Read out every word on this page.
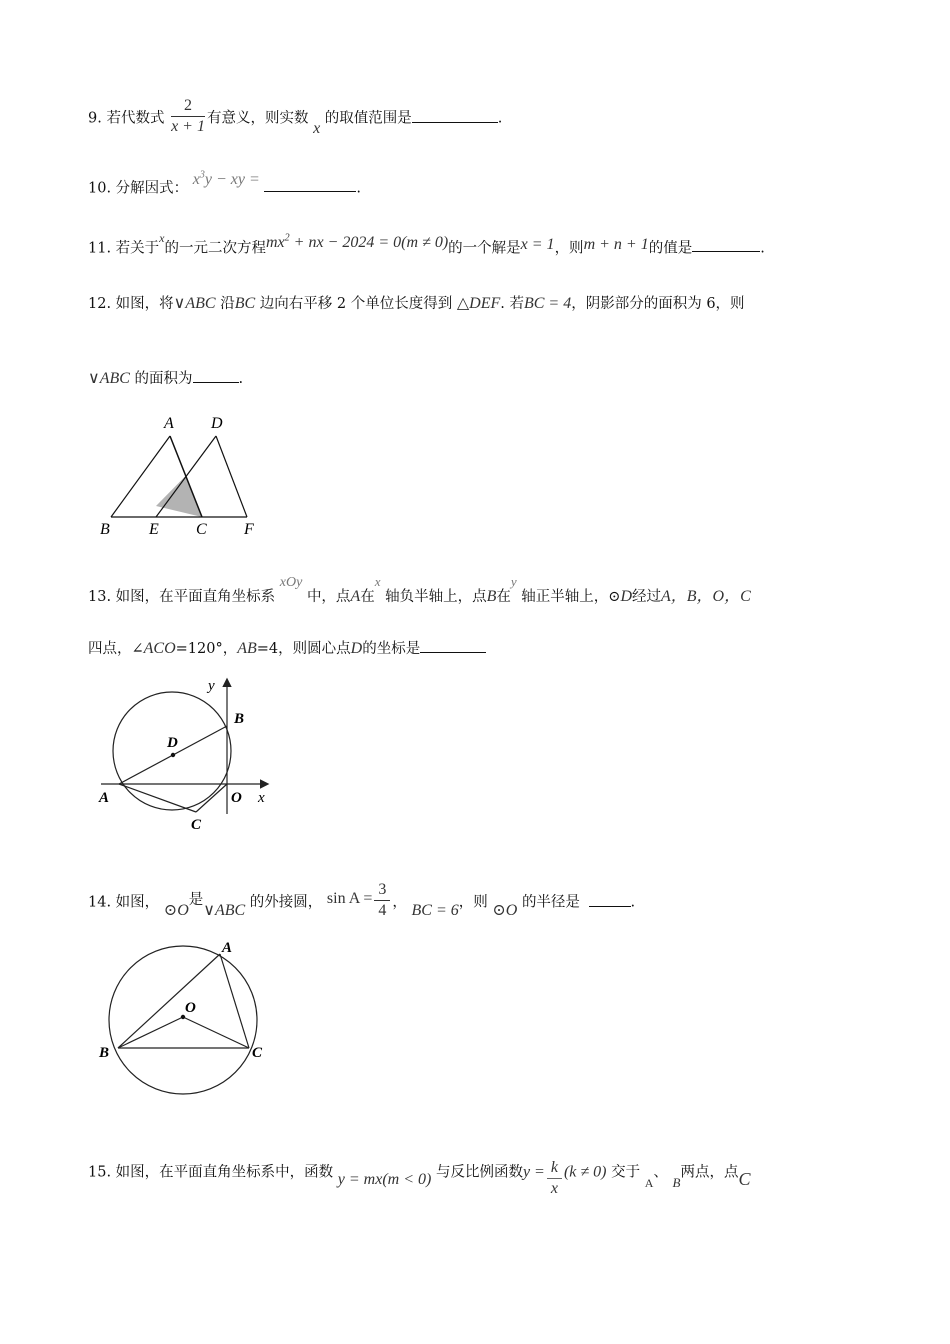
9. 若代数式 $\frac{2}{x + 1}$ 有意义，则实数 x 的取值范围是	.
10. 分解因式： $x^3y$ − xy =	.
11. 若关于$^x$的一元二次方程$mx^2$ + nx − 2024 = 0(m ≠ 0)的一个解是x = 1，则m + n + 1的值是	.
12. 如图，将∨ABC 沿BC 边向右平移 2 个单位长度得到 △DEF. 若BC = 4，阴影部分的面积为 6，则
∨ABC 的面积为	.
A D
B E C F
13. 如图，在平面直角坐标系 xOy 中，点A在x 轴负半轴上，点B在y 轴正半轴上，⊙D经过A，B，O，C
四点，∠ACO=120°，AB=4，则圆心点D的坐标是
y
B
D
A	O x
C
14. 如图， ⊙O是∨ABC 的外接圆， $\sin A = \frac{3}{4}$ ， BC = 6，则 ⊙O 的半径是	.
A
O
B	C
15. 如图，在平面直角坐标系中，函数 y = mx(m < 0) 与反比例函数$y = \frac{k}{x} (k \ne 0)$ 交于 $_A$、 B两点，点C
